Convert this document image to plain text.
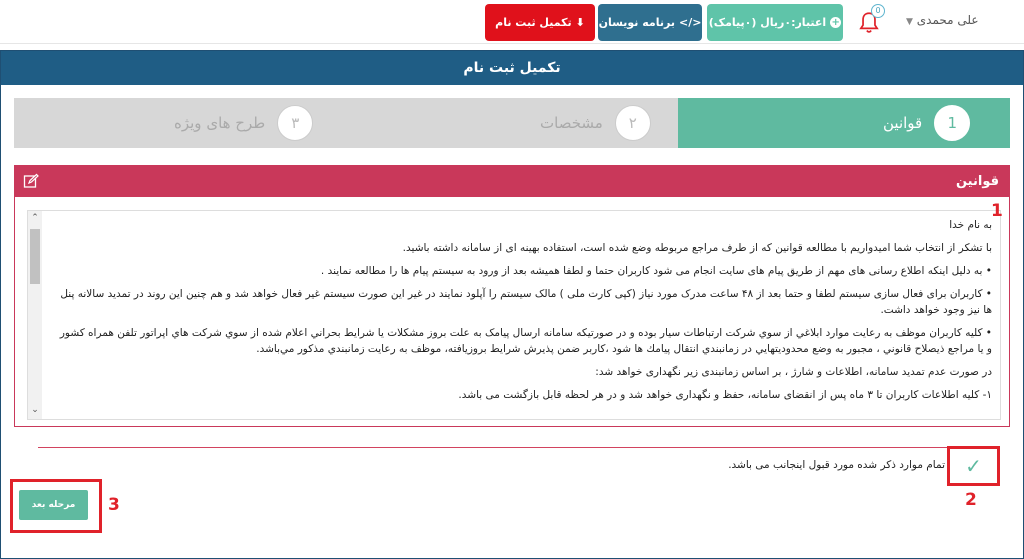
علی محمدی ▼
0
+
اعتبار:۰ریال (۰پیامک)
</>
برنامه نویسان
⬇
تکمیل ثبت نام
تکمیل ثبت نام
1
قوانین
۲
مشخصات
۳
طرح های ویژه
قوانین
⌃
⌄

به نام خدا

با تشکر از انتخاب شما امیدواریم با مطالعه قوانین که از طرف مراجع مربوطه وضع شده است، استفاده بهینه ای از سامانه داشته باشید.

• به دلیل اینکه اطلاع رسانی های مهم از طریق پیام های سایت انجام می شود کاربران حتما و لطفا همیشه بعد از ورود به سیستم پیام ها را مطالعه نمایند .

• کاربران برای فعال سازی سیستم لطفا و حتما بعد از ۴۸ ساعت مدرک مورد نیاز (کپی کارت ملی ) مالک سیستم را آپلود نمایند در غیر این صورت سیستم غیر فعال خواهد شد و هم چنین این روند در تمدید سالانه پنل ها نیز وجود خواهد داشت.

• کلیه کاربران موظف به رعایت موارد ابلاغي از سوي شركت ارتباطات سيار بوده و در صورتیکه سامانه ارسال پیامک به علت بروز مشكلات يا شرايط بحراني اعلام شده از سوي شركت هاي اپراتور تلفن همراه كشور و يا مراجع ذيصلاح قانوني ، مجبور به وضع محدوديتهايي در زمانبندي انتقال پيامك ها شود ،كاربر ضمن پذيرش شرايط بروزيافته، موظف به رعايت زمانبندي مذكور مي‌باشد.

در صورت عدم تمدید سامانه، اطلاعات و شارژ ، بر اساس زمانبندی زیر نگهداری خواهد شد:

۱- کلیه اطلاعات کاربران تا ۳ ماه پس از انقضای سامانه، حفظ و نگهداری خواهد شد و در هر لحظه قابل بازگشت می باشد.

1
2
3
✓
تمام موارد ذکر شده مورد قبول اینجانب می باشد.
مرحله بعد
